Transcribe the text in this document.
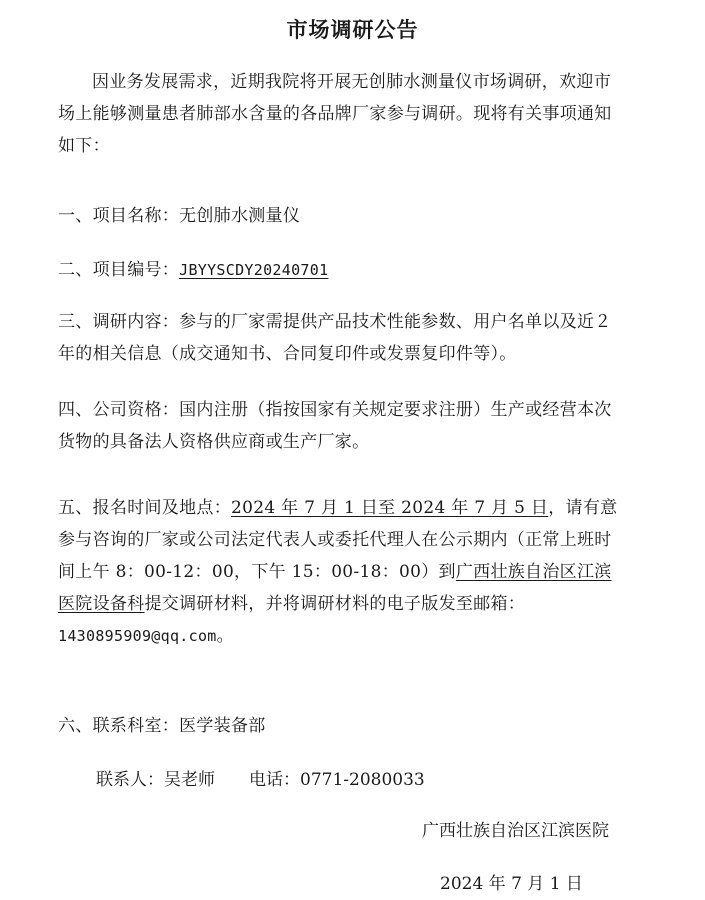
市场调研公告

因业务发展需求，近期我院将开展无创肺水测量仪市场调研，欢迎市场上能够测量患者肺部水含量的各品牌厂家参与调研。现将有关事项通知如下：

一、项目名称：无创肺水测量仪

二、项目编号：JBYYSCDY20240701

三、调研内容：参与的厂家需提供产品技术性能参数、用户名单以及近２年的相关信息（成交通知书、合同复印件或发票复印件等）。

四、公司资格：国内注册（指按国家有关规定要求注册）生产或经营本次货物的具备法人资格供应商或生产厂家。

五、报名时间及地点：2024 年 7 月 1 日至 2024 年 7 月 5 日，请有意参与咨询的厂家或公司法定代表人或委托代理人在公示期内（正常上班时间上午 8：00-12：00，下午 15：00-18：00）到广西壮族自治区江滨医院设备科提交调研材料，并将调研材料的电子版发至邮箱：1430895909@qq.com。

六、联系科室：医学装备部

联系人：吴老师　　电话：0771-2080033
广西壮族自治区江滨医院
2024 年 7 月 1 日
